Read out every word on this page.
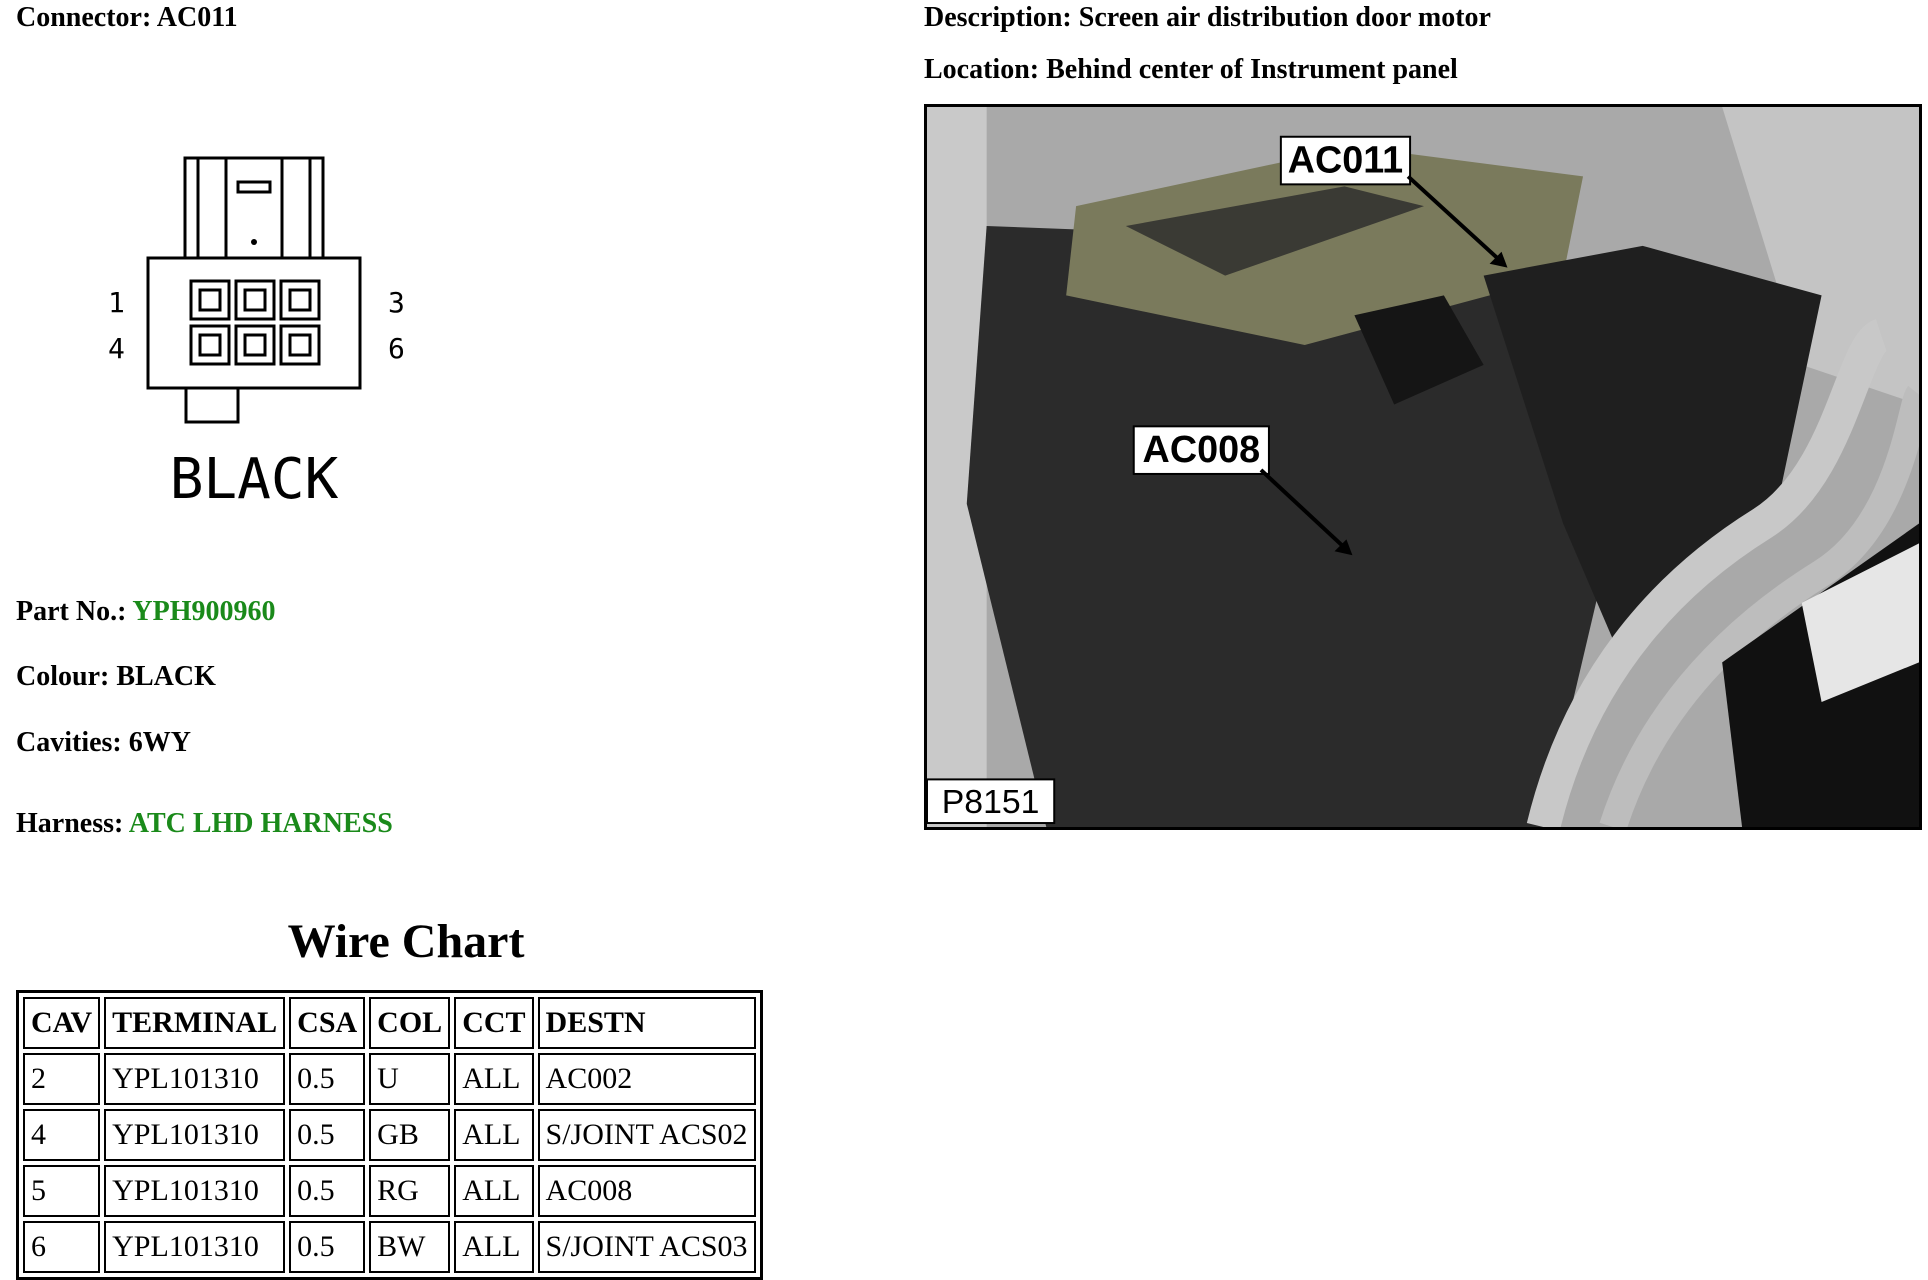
Connector: AC011	Description: Screen air distribution door motor
Location: Behind center of Instrument panel
1
4
3
6
BLACK
Part No.: YPH900960
Colour: BLACK
Cavities: 6WY
Harness: ATC LHD HARNESS
AC011
AC008
P8151
Wire Chart
CAV	TERMINAL	CSA	COL	CCT	DESTN
2	YPL101310	0.5	U	ALL	AC002
4	YPL101310	0.5	GB	ALL	S/JOINT ACS02
5	YPL101310	0.5	RG	ALL	AC008
6	YPL101310	0.5	BW	ALL	S/JOINT ACS03
